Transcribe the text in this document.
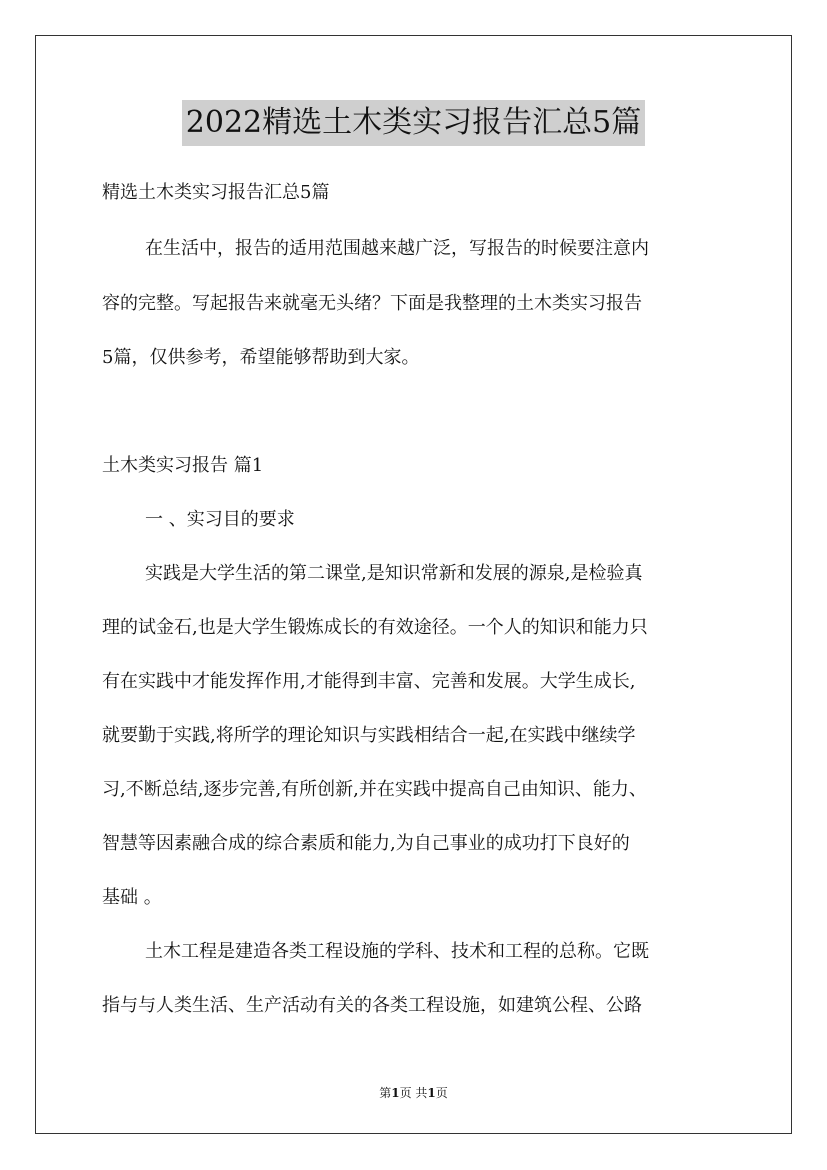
2022精选土木类实习报告汇总5篇
精选土木类实习报告汇总5篇
在生活中，报告的适用范围越来越广泛，写报告的时候要注意内
容的完整。写起报告来就毫无头绪？下面是我整理的土木类实习报告
5篇，仅供参考，希望能够帮助到大家。
土木类实习报告 篇1
一 、实习目的要求
实践是大学生活的第二课堂,是知识常新和发展的源泉,是检验真
理的试金石,也是大学生锻炼成长的有效途径。一个人的知识和能力只
有在实践中才能发挥作用,才能得到丰富、完善和发展。大学生成长,
就要勤于实践,将所学的理论知识与实践相结合一起,在实践中继续学
习,不断总结,逐步完善,有所创新,并在实践中提高自己由知识、能力、
智慧等因素融合成的综合素质和能力,为自己事业的成功打下良好的
基础 。
土木工程是建造各类工程设施的学科、技术和工程的总称。它既
指与与人类生活、生产活动有关的各类工程设施，如建筑公程、公路
第1页 共1页
